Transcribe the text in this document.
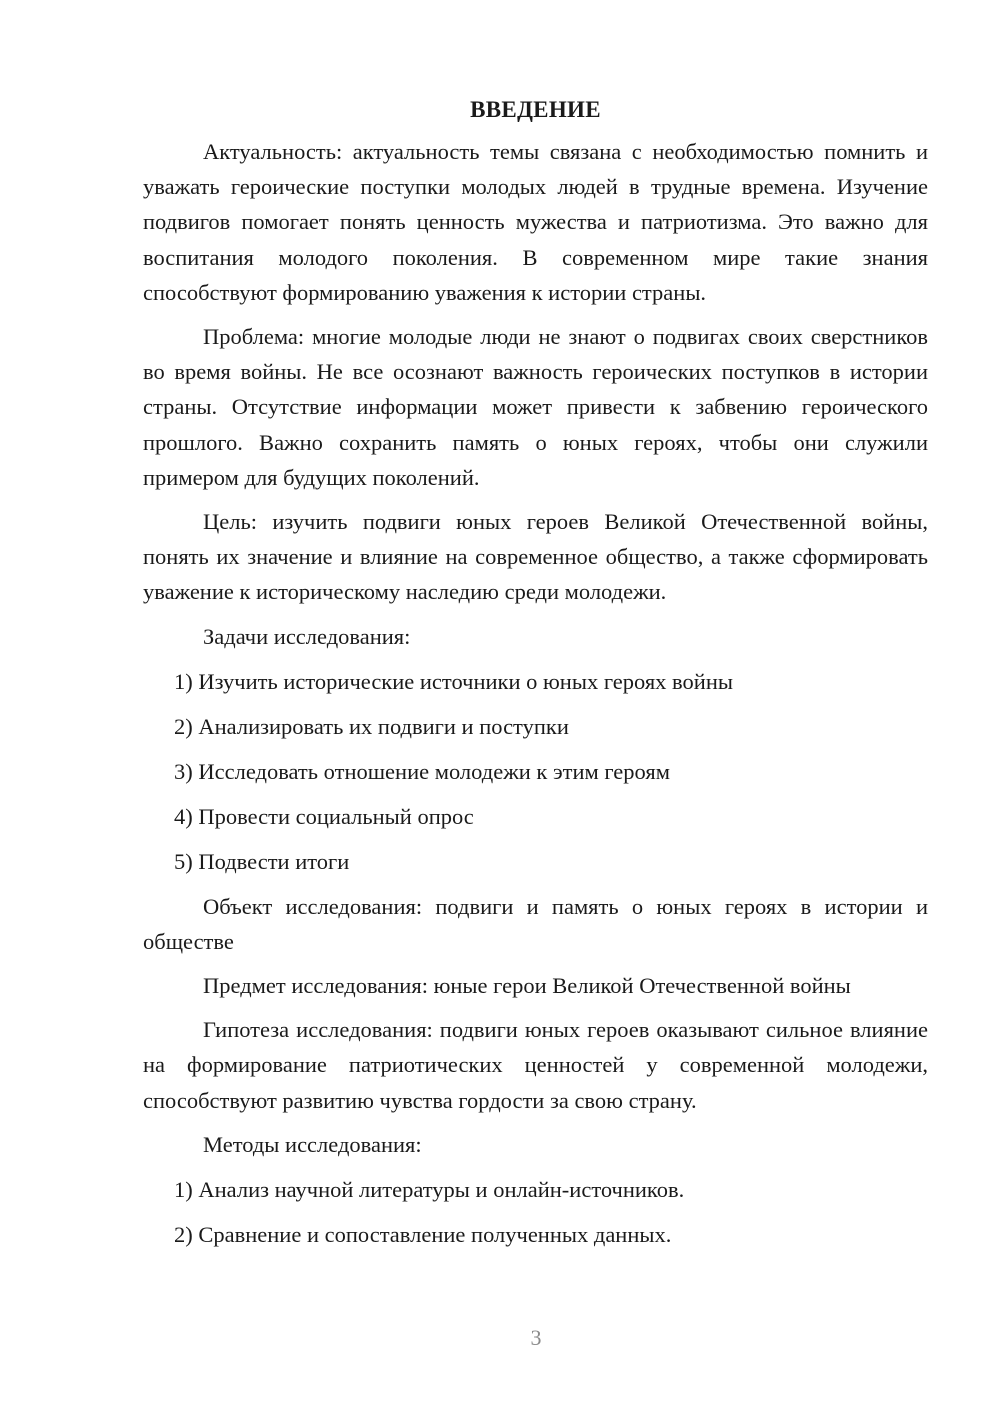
ВВЕДЕНИЕ

Актуальность: актуальность темы связана с необходимостью помнить и уважать героические поступки молодых людей в трудные времена. Изучение подвигов помогает понять ценность мужества и патриотизма. Это важно для воспитания молодого поколения. В современном мире такие знания способствуют формированию уважения к истории страны.

Проблема: многие молодые люди не знают о подвигах своих сверстников во время войны. Не все осознают важность героических поступков в истории страны. Отсутствие информации может привести к забвению героического прошлого. Важно сохранить память о юных героях, чтобы они служили примером для будущих поколений.

Цель: изучить подвиги юных героев Великой Отечественной войны, понять их значение и влияние на современное общество, а также сформировать уважение к историческому наследию среди молодежи.

Задачи исследования:

1) Изучить исторические источники о юных героях войны

2) Анализировать их подвиги и поступки

3) Исследовать отношение молодежи к этим героям

4) Провести социальный опрос

5) Подвести итоги

Объект исследования: подвиги и память о юных героях в истории и обществе

Предмет исследования: юные герои Великой Отечественной войны

Гипотеза исследования: подвиги юных героев оказывают сильное влияние на формирование патриотических ценностей у современной молодежи, способствуют развитию чувства гордости за свою страну.

Методы исследования:

1) Анализ научной литературы и онлайн-источников.

2) Сравнение и сопоставление полученных данных.

3
